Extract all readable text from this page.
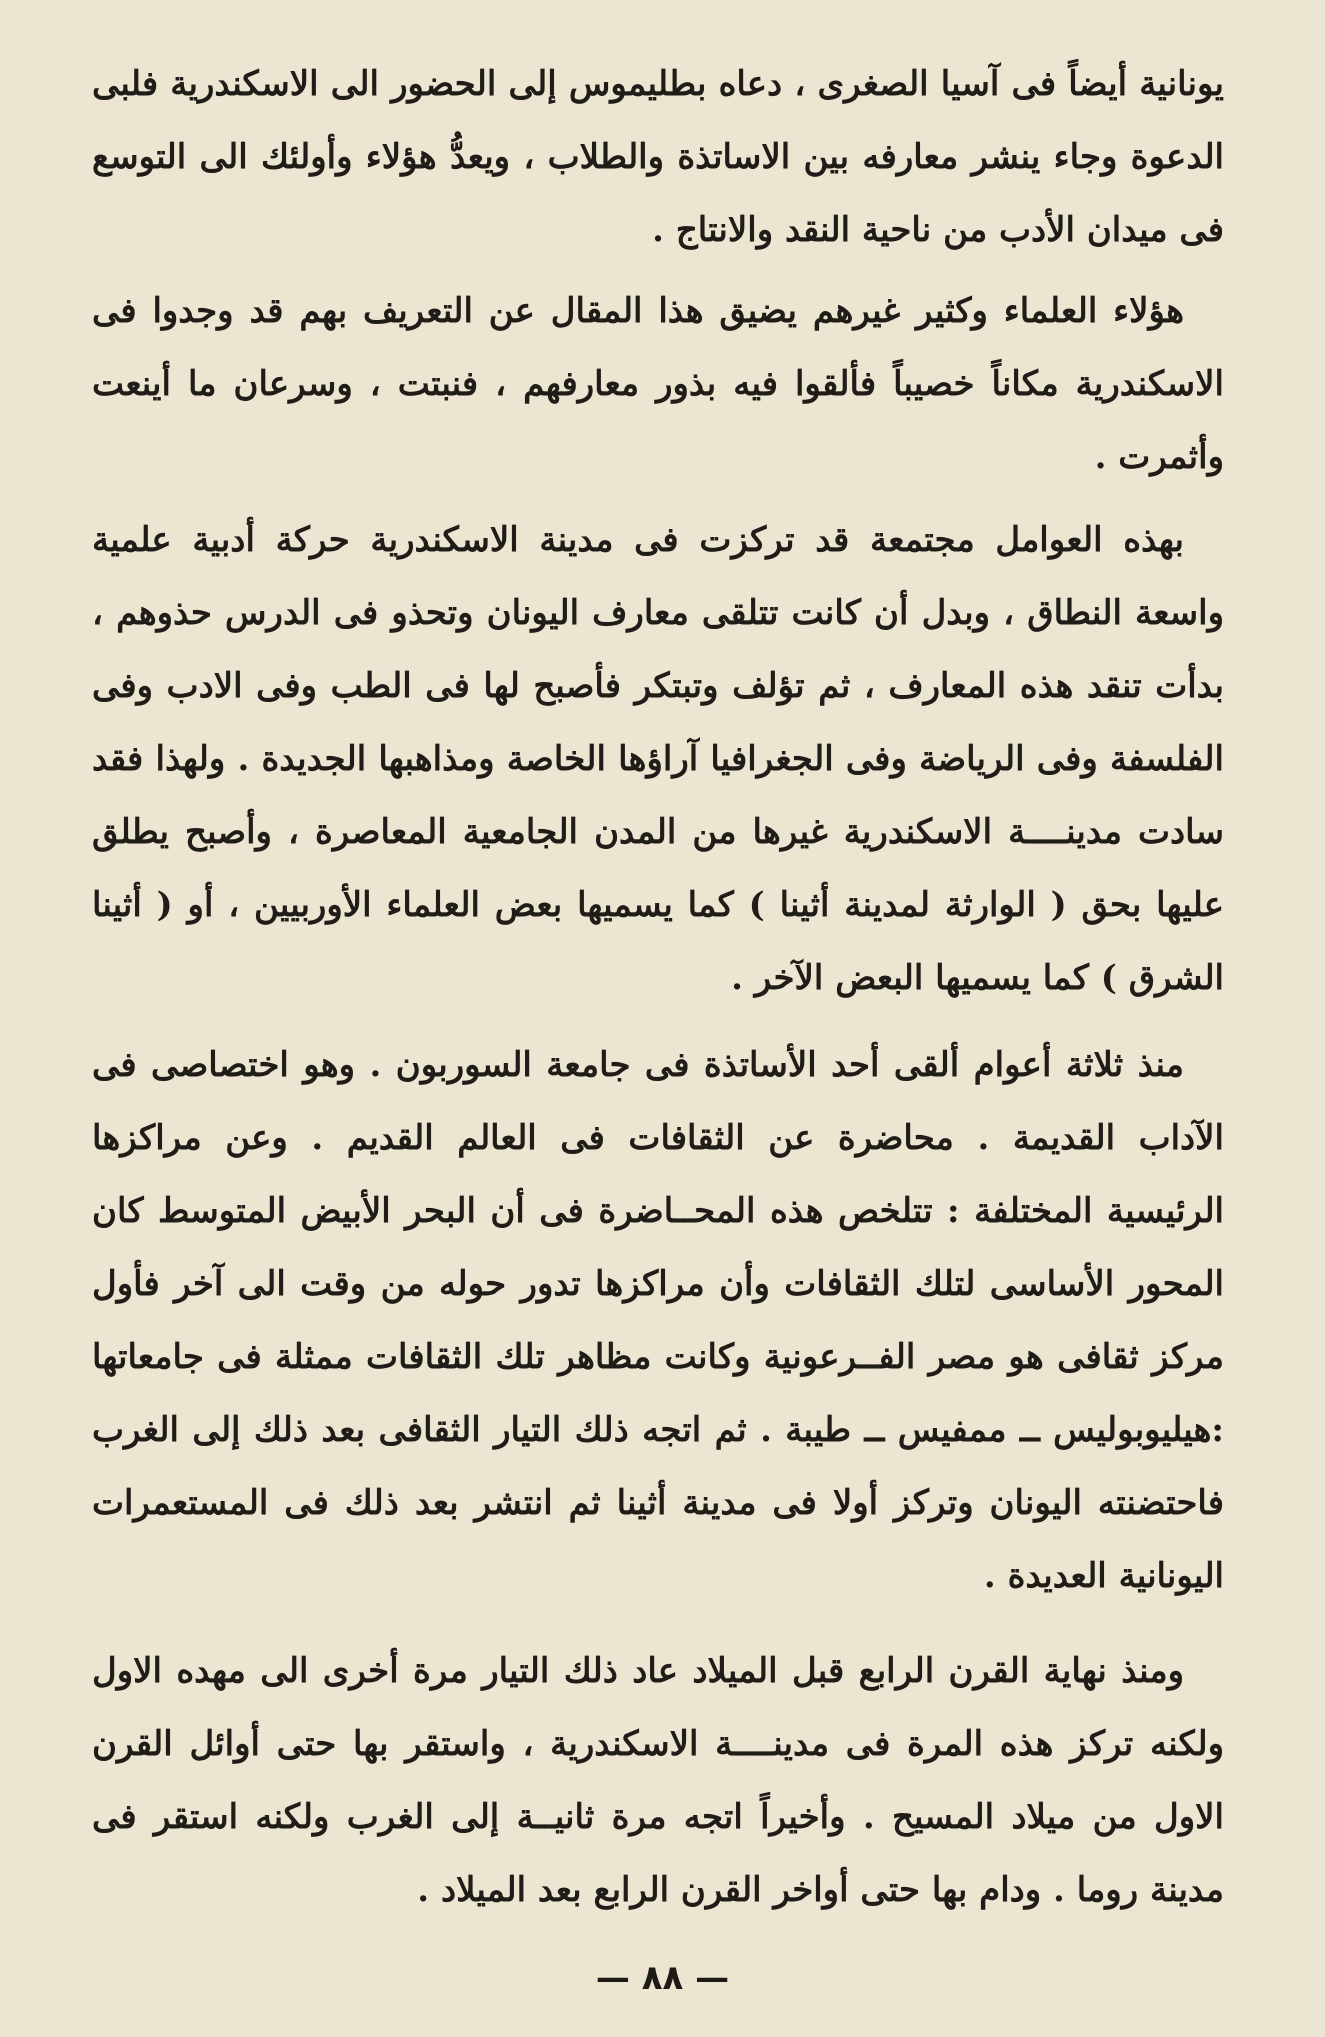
يونانية أيضاً فى آسيا الصغرى ، دعاه بطليموس إلى الحضور الى الاسكندرية فلبى الدعوة وجاء ينشر معارفه بين الاساتذة والطلاب ، ويعدُّ هؤلاء وأولئك الى التوسع فى ميدان الأدب من ناحية النقد والانتاج .

هؤلاء العلماء وكثير غيرهم يضيق هذا المقال عن التعريف بهم قد وجدوا فى الاسكندرية مكاناً خصيباً فألقوا فيه بذور معارفهم ، فنبتت ، وسرعان ما أينعت وأثمرت .

بهذه العوامل مجتمعة قد تركزت فى مدينة الاسكندرية حركة أدبية علمية واسعة النطاق ، وبدل أن كانت تتلقى معارف اليونان وتحذو فى الدرس حذوهم ، بدأت تنقد هذه المعارف ، ثم تؤلف وتبتكر فأصبح لها فى الطب وفى الادب وفى الفلسفة وفى الرياضة وفى الجغرافيا آراؤها الخاصة ومذاهبها الجديدة . ولهذا فقد سادت مدينــــة الاسكندرية غيرها من المدن الجامعية المعاصرة ، وأصبح يطلق عليها بحق ( الوارثة لمدينة أثينا ) كما يسميها بعض العلماء الأوربيين ، أو ( أثينا الشرق ) كما يسميها البعض الآخر .

منذ ثلاثة أعوام ألقى أحد الأساتذة فى جامعة السوربون . وهو اختصاصى فى الآداب القديمة . محاضرة عن الثقافات فى العالم القديم . وعن مراكزها الرئيسية المختلفة : تتلخص هذه المحــاضرة فى أن البحر الأبيض المتوسط كان المحور الأساسى لتلك الثقافات وأن مراكزها تدور حوله من وقت الى آخر فأول مركز ثقافى هو مصر الفــرعونية وكانت مظاهر تلك الثقافات ممثلة فى جامعاتها :هيليوبوليس ــ ممفيس ــ طيبة . ثم اتجه ذلك التيار الثقافى بعد ذلك إلى الغرب فاحتضنته اليونان وتركز أولا فى مدينة أثينا ثم انتشر بعد ذلك فى المستعمرات اليونانية العديدة .

ومنذ نهاية القرن الرابع قبل الميلاد عاد ذلك التيار مرة أخرى الى مهده الاول ولكنه تركز هذه المرة فى مدينــــة الاسكندرية ، واستقر بها حتى أوائل القرن الاول من ميلاد المسيح . وأخيراً اتجه مرة ثانيــة إلى الغرب ولكنه استقر فى مدينة روما . ودام بها حتى أواخر القرن الرابع بعد الميلاد .

— ٨٨ —
